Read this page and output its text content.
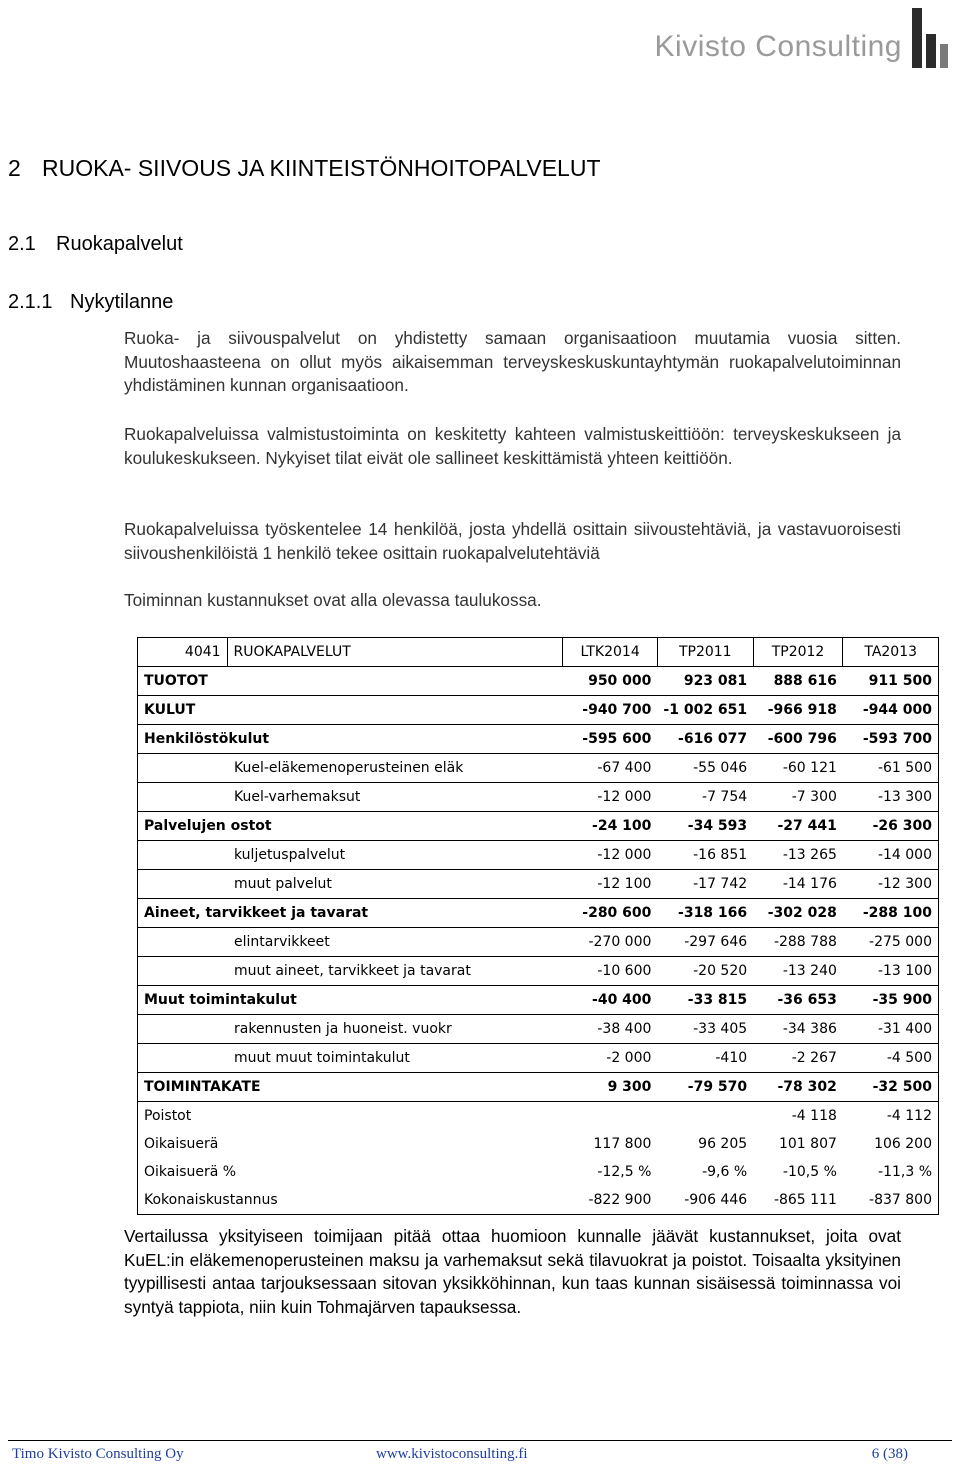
Kivisto Consulting
2 RUOKA- SIIVOUS JA KIINTEISTÖNHOITOPALVELUT
2.1 Ruokapalvelut
2.1.1 Nykytilanne
Ruoka- ja siivouspalvelut on yhdistetty samaan organisaatioon muutamia vuosia sitten. Muutoshaasteena on ollut myös aikaisemman terveyskeskuskuntayhtymän ruokapalvelutoiminnan yhdistäminen kunnan organisaatioon.
Ruokapalveluissa valmistustoiminta on keskitetty kahteen valmistuskeittiöön: terveyskeskukseen ja koulukeskukseen. Nykyiset tilat eivät ole sallineet keskittämistä yhteen keittiöön.
Ruokapalveluissa työskentelee 14 henkilöä, josta yhdellä osittain siivoustehtäviä, ja vastavuoroisesti siivoushenkilöistä 1 henkilö tekee osittain ruokapalvelutehtäviä
Toiminnan kustannukset ovat alla olevassa taulukossa.
4041	RUOKAPALVELUT	LTK2014	TP2011	TP2012	TA2013
TUOTOT		950 000	923 081	888 616	911 500
KULUT		-940 700	-1 002 651	-966 918	-944 000
Henkilöstökulut		-595 600	-616 077	-600 796	-593 700
Kuel-eläkemenoperusteinen eläk		-67 400	-55 046	-60 121	-61 500
Kuel-varhemaksut		-12 000	-7 754	-7 300	-13 300
Palvelujen ostot		-24 100	-34 593	-27 441	-26 300
kuljetuspalvelut		-12 000	-16 851	-13 265	-14 000
muut palvelut		-12 100	-17 742	-14 176	-12 300
Aineet, tarvikkeet ja tavarat		-280 600	-318 166	-302 028	-288 100
elintarvikkeet		-270 000	-297 646	-288 788	-275 000
muut aineet, tarvikkeet ja tavarat		-10 600	-20 520	-13 240	-13 100
Muut toimintakulut		-40 400	-33 815	-36 653	-35 900
rakennusten ja huoneist. vuokr		-38 400	-33 405	-34 386	-31 400
muut muut toimintakulut		-2 000	-410	-2 267	-4 500
TOIMINTAKATE		9 300	-79 570	-78 302	-32 500
Poistot				-4 118	-4 112
Oikaisuerä		117 800	96 205	101 807	106 200
Oikaisuerä %		-12,5 %	-9,6 %	-10,5 %	-11,3 %
Kokonaiskustannus		-822 900	-906 446	-865 111	-837 800
Vertailussa yksityiseen toimijaan pitää ottaa huomioon kunnalle jäävät kustannukset, joita ovat KuEL:in eläkemenoperusteinen maksu ja varhemaksut sekä tilavuokrat ja poistot. Toisaalta yksityinen tyypillisesti antaa tarjouksessaan sitovan yksikköhinnan, kun taas kunnan sisäisessä toiminnassa voi syntyä tappiota, niin kuin Tohmajärven tapauksessa.
Timo Kivisto Consulting Oy	www.kivistoconsulting.fi	6 (38)
